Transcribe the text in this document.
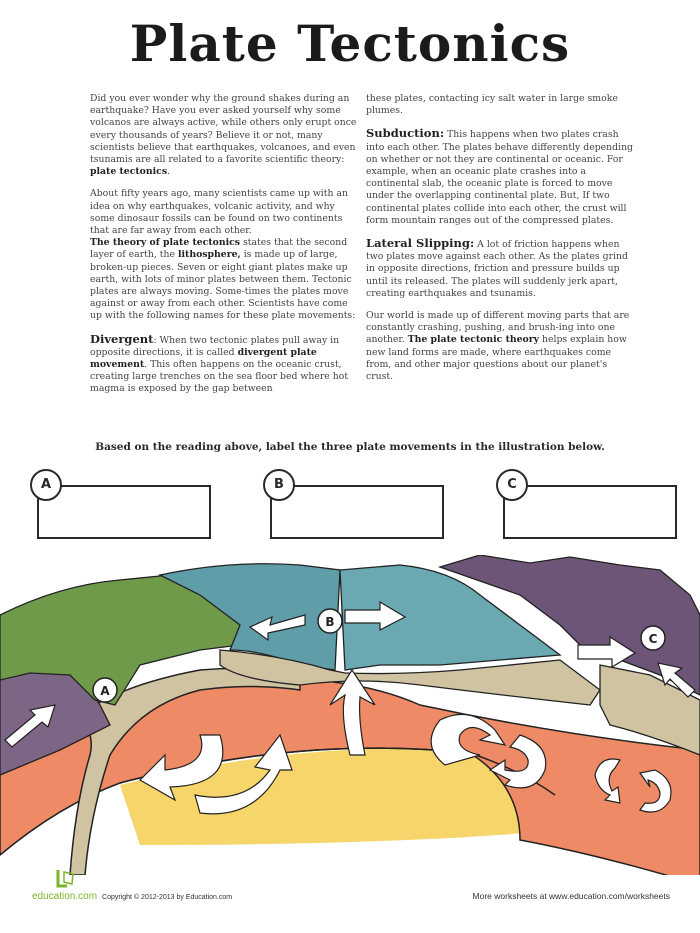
Plate Tectonics

Did you ever wonder why the ground shakes during an earthquake? Have you ever asked yourself why some volcanos are always active, while others only erupt once every thousands of years? Believe it or not, many scientists believe that earthquakes, volcanoes, and even tsunamis are all related to a favorite scientific theory: plate tectonics.

About fifty years ago, many scientists came up with an idea on why earthquakes, volcanic activity, and why some dinosaur fossils can be found on two continents that are far away from each other.
The theory of plate tectonics states that the second layer of earth, the lithosphere, is made up of large, broken-up pieces. Seven or eight giant plates make up earth, with lots of minor plates between them. Tectonic plates are always moving. Some-times the plates move against or away from each other. Scientists have come up with the following names for these plate movements:

Divergent: When two tectonic plates pull away in opposite directions, it is called divergent plate movement. This often happens on the oceanic crust, creating large trenches on the sea floor bed where hot magma is exposed by the gap between

these plates, contacting icy salt water in large smoke plumes.

Subduction: This happens when two plates crash into each other. The plates behave differently depending on whether or not they are continental or oceanic. For example, when an oceanic plate crashes into a continental slab, the oceanic plate is forced to move under the overlapping continental plate. But, If two continental plates collide into each other, the crust will form mountain ranges out of the compressed plates.

Lateral Slipping: A lot of friction happens when two plates move against each other. As the plates grind in opposite directions, friction and pressure builds up until its released. The plates will suddenly jerk apart, creating earthquakes and tsunamis.

Our world is made up of different moving parts that are constantly crashing, pushing, and brush-ing into one another. The plate tectonic theory helps explain how new land forms are made, where earthquakes come from, and other major questions about our planet's crust.

Based on the reading above, label the three plate movements in the illustration below.
A	B	C
A
B
C
education.com Copyright © 2012-2013 by Education.com	More worksheets at www.education.com/worksheets
